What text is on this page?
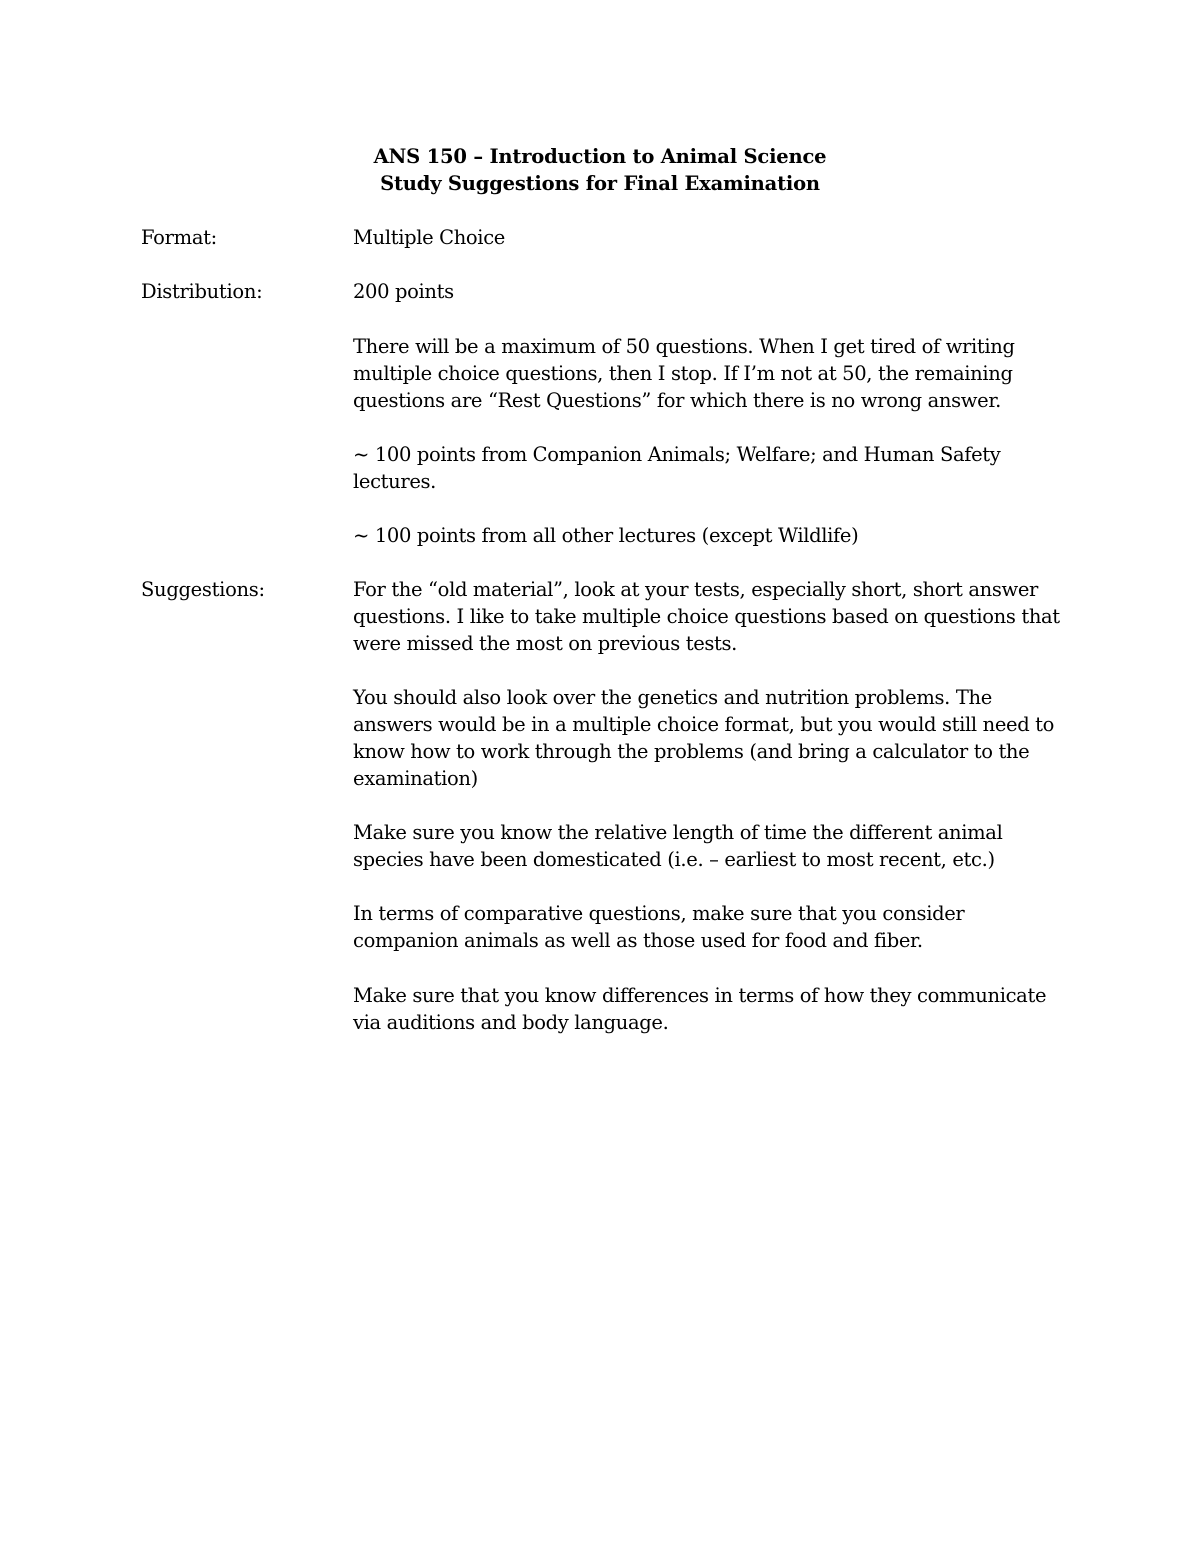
ANS 150 – Introduction to Animal Science
Study Suggestions for Final Examination
Format:	Multiple Choice
Distribution:	200 points
There will be a maximum of 50 questions. When I get tired of writing
multiple choice questions, then I stop. If I’m not at 50, the remaining
questions are “Rest Questions” for which there is no wrong answer.
~ 100 points from Companion Animals; Welfare; and Human Safety
lectures.
~ 100 points from all other lectures (except Wildlife)
Suggestions:	For the “old material”, look at your tests, especially short, short answer
questions. I like to take multiple choice questions based on questions that
were missed the most on previous tests.
You should also look over the genetics and nutrition problems. The
answers would be in a multiple choice format, but you would still need to
know how to work through the problems (and bring a calculator to the
examination)
Make sure you know the relative length of time the different animal
species have been domesticated (i.e. – earliest to most recent, etc.)
In terms of comparative questions, make sure that you consider
companion animals as well as those used for food and fiber.
Make sure that you know differences in terms of how they communicate
via auditions and body language.
